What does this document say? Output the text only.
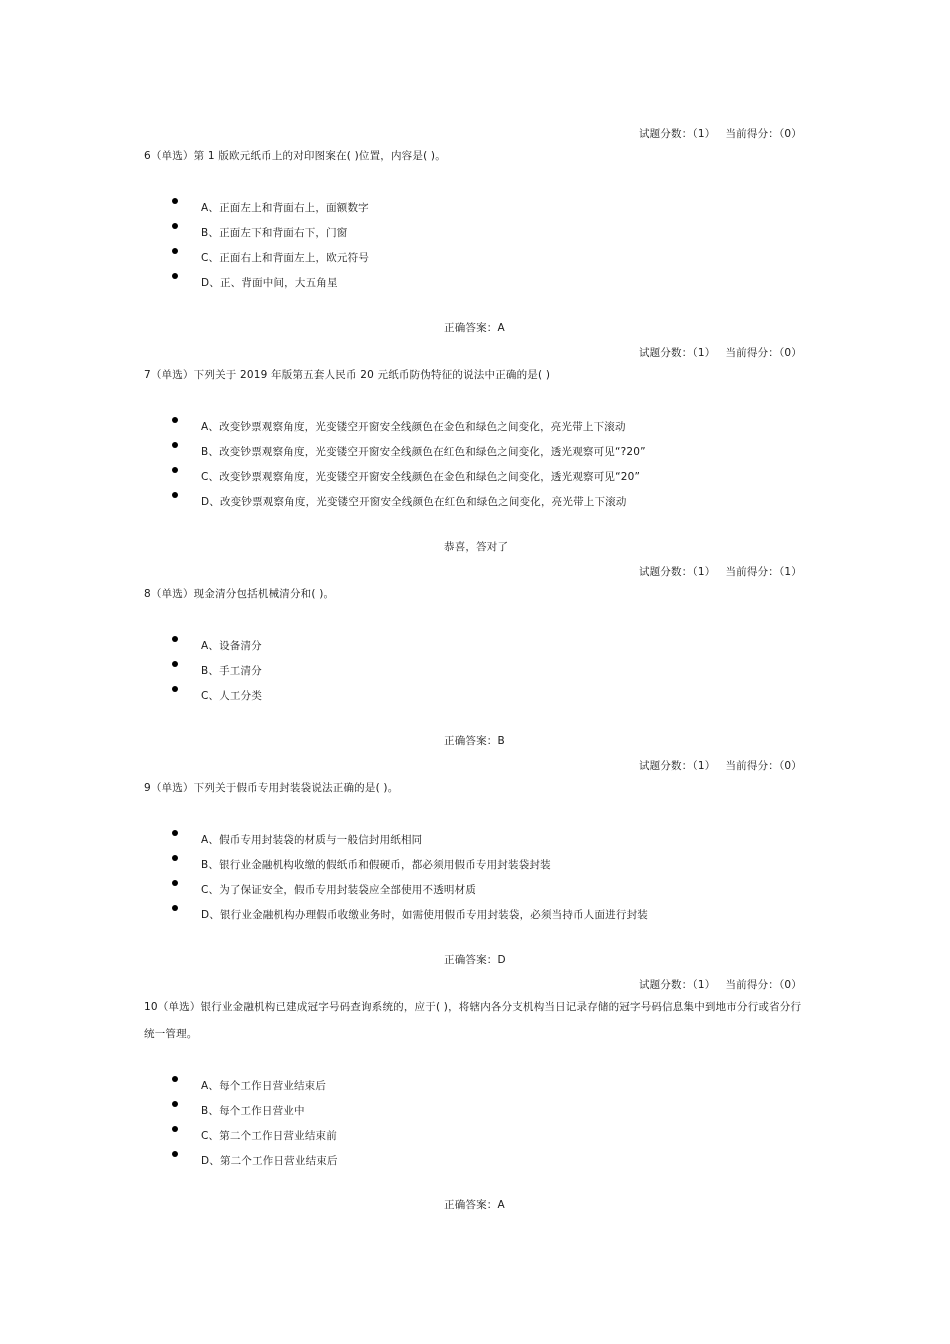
试题分数：（1） 当前得分：（0）
6（单选）第 1 版欧元纸币上的对印图案在( )位置，内容是( )。
A、正面左上和背面右上，面额数字
B、正面左下和背面右下，门窗
C、正面右上和背面左上，欧元符号
D、正、背面中间，大五角星
正确答案：A
试题分数：（1） 当前得分：（0）
7（单选）下列关于 2019 年版第五套人民币 20 元纸币防伪特征的说法中正确的是( )
A、改变钞票观察角度，光变镂空开窗安全线颜色在金色和绿色之间变化，亮光带上下滚动
B、改变钞票观察角度，光变镂空开窗安全线颜色在红色和绿色之间变化，透光观察可见“?20”
C、改变钞票观察角度，光变镂空开窗安全线颜色在金色和绿色之间变化，透光观察可见“20”
D、改变钞票观察角度，光变镂空开窗安全线颜色在红色和绿色之间变化，亮光带上下滚动
恭喜，答对了
试题分数：（1） 当前得分：（1）
8（单选）现金清分包括机械清分和( )。
A、设备清分
B、手工清分
C、人工分类
正确答案：B
试题分数：（1） 当前得分：（0）
9（单选）下列关于假币专用封装袋说法正确的是( )。
A、假币专用封装袋的材质与一般信封用纸相同
B、银行业金融机构收缴的假纸币和假硬币，都必须用假币专用封装袋封装
C、为了保证安全，假币专用封装袋应全部使用不透明材质
D、银行业金融机构办理假币收缴业务时，如需使用假币专用封装袋，必须当持币人面进行封装
正确答案：D
试题分数：（1） 当前得分：（0）
10（单选）银行业金融机构已建成冠字号码查询系统的，应于( )，将辖内各分支机构当日记录存储的冠字号码信息集中到地市分行或省分行统一管理。
A、每个工作日营业结束后
B、每个工作日营业中
C、第二个工作日营业结束前
D、第二个工作日营业结束后
正确答案：A
